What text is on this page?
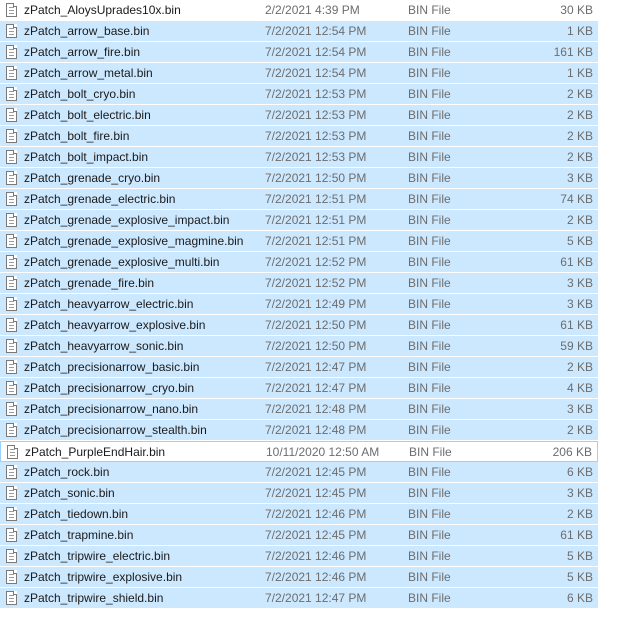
zPatch_AloysUprades10x.bin	2/2/2021 4:39 PM	BIN File	30 KB
zPatch_arrow_base.bin	7/2/2021 12:54 PM	BIN File	1 KB
zPatch_arrow_fire.bin	7/2/2021 12:54 PM	BIN File	161 KB
zPatch_arrow_metal.bin	7/2/2021 12:54 PM	BIN File	1 KB
zPatch_bolt_cryo.bin	7/2/2021 12:53 PM	BIN File	2 KB
zPatch_bolt_electric.bin	7/2/2021 12:53 PM	BIN File	2 KB
zPatch_bolt_fire.bin	7/2/2021 12:53 PM	BIN File	2 KB
zPatch_bolt_impact.bin	7/2/2021 12:53 PM	BIN File	2 KB
zPatch_grenade_cryo.bin	7/2/2021 12:50 PM	BIN File	3 KB
zPatch_grenade_electric.bin	7/2/2021 12:51 PM	BIN File	74 KB
zPatch_grenade_explosive_impact.bin	7/2/2021 12:51 PM	BIN File	2 KB
zPatch_grenade_explosive_magmine.bin 7/2/2021 12:51 PM	BIN File	5 KB
zPatch_grenade_explosive_multi.bin	7/2/2021 12:52 PM	BIN File	61 KB
zPatch_grenade_fire.bin	7/2/2021 12:52 PM	BIN File	3 KB
zPatch_heavyarrow_electric.bin	7/2/2021 12:49 PM	BIN File	3 KB
zPatch_heavyarrow_explosive.bin	7/2/2021 12:50 PM	BIN File	61 KB
zPatch_heavyarrow_sonic.bin	7/2/2021 12:50 PM	BIN File	59 KB
zPatch_precisionarrow_basic.bin	7/2/2021 12:47 PM	BIN File	2 KB
zPatch_precisionarrow_cryo.bin	7/2/2021 12:47 PM	BIN File	4 KB
zPatch_precisionarrow_nano.bin	7/2/2021 12:48 PM	BIN File	3 KB
zPatch_precisionarrow_stealth.bin	7/2/2021 12:48 PM	BIN File	2 KB
zPatch_PurpleEndHair.bin	10/11/2020 12:50 AM BIN File	206 KB
zPatch_rock.bin	7/2/2021 12:45 PM	BIN File	6 KB
zPatch_sonic.bin	7/2/2021 12:45 PM	BIN File	3 KB
zPatch_tiedown.bin	7/2/2021 12:46 PM	BIN File	2 KB
zPatch_trapmine.bin	7/2/2021 12:45 PM	BIN File	61 KB
zPatch_tripwire_electric.bin	7/2/2021 12:46 PM	BIN File	5 KB
zPatch_tripwire_explosive.bin	7/2/2021 12:46 PM	BIN File	5 KB
zPatch_tripwire_shield.bin	7/2/2021 12:47 PM	BIN File	6 KB
